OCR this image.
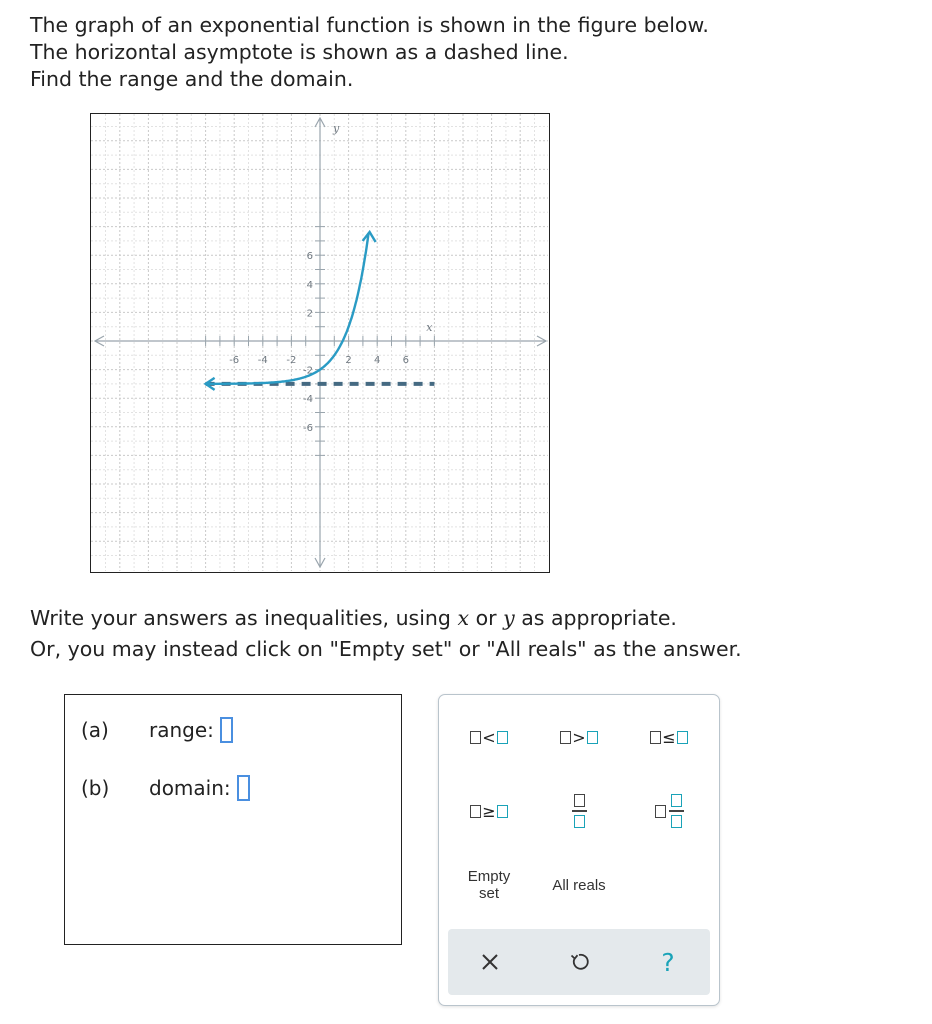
The graph of an exponential function is shown in the figure below.
The horizontal asymptote is shown as a dashed line.
Find the range and the domain.
-6 -4 -2	2 4 6
-6
-4
-2
2
4
6
x
y
Write your answers as inequalities, using x or y as appropriate.
Or, you may instead click on "Empty set" or "All reals" as the answer.
(a)	range:
(b)	domain:
<	>	≤
≥
Empty
set	All reals
?
